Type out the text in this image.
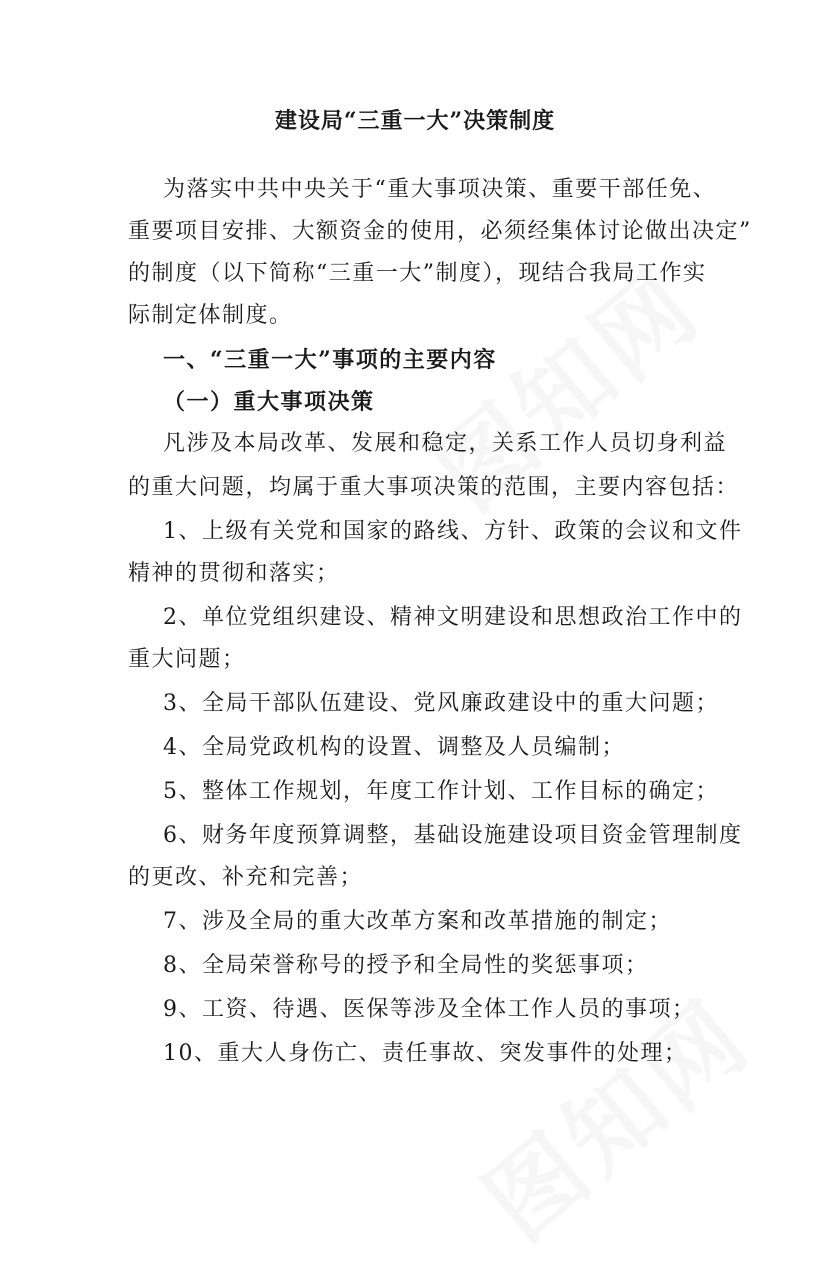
建设局“三重一大”决策制度
为落实中共中央关于“重大事项决策、重要干部任免、
重要项目安排、大额资金的使用，必须经集体讨论做出决定”
的制度（以下简称“三重一大”制度），现结合我局工作实
际制定体制度。
一、“三重一大”事项的主要内容
（一）重大事项决策
凡涉及本局改革、发展和稳定，关系工作人员切身利益
的重大问题，均属于重大事项决策的范围，主要内容包括：
1、上级有关党和国家的路线、方针、政策的会议和文件
精神的贯彻和落实；
2、单位党组织建设、精神文明建设和思想政治工作中的
重大问题；
3、全局干部队伍建设、党风廉政建设中的重大问题；
4、全局党政机构的设置、调整及人员编制；
5、整体工作规划，年度工作计划、工作目标的确定；
6、财务年度预算调整，基础设施建设项目资金管理制度
的更改、补充和完善；
7、涉及全局的重大改革方案和改革措施的制定；
8、全局荣誉称号的授予和全局性的奖惩事项；
9、工资、待遇、医保等涉及全体工作人员的事项；
10、重大人身伤亡、责任事故、突发事件的处理；
